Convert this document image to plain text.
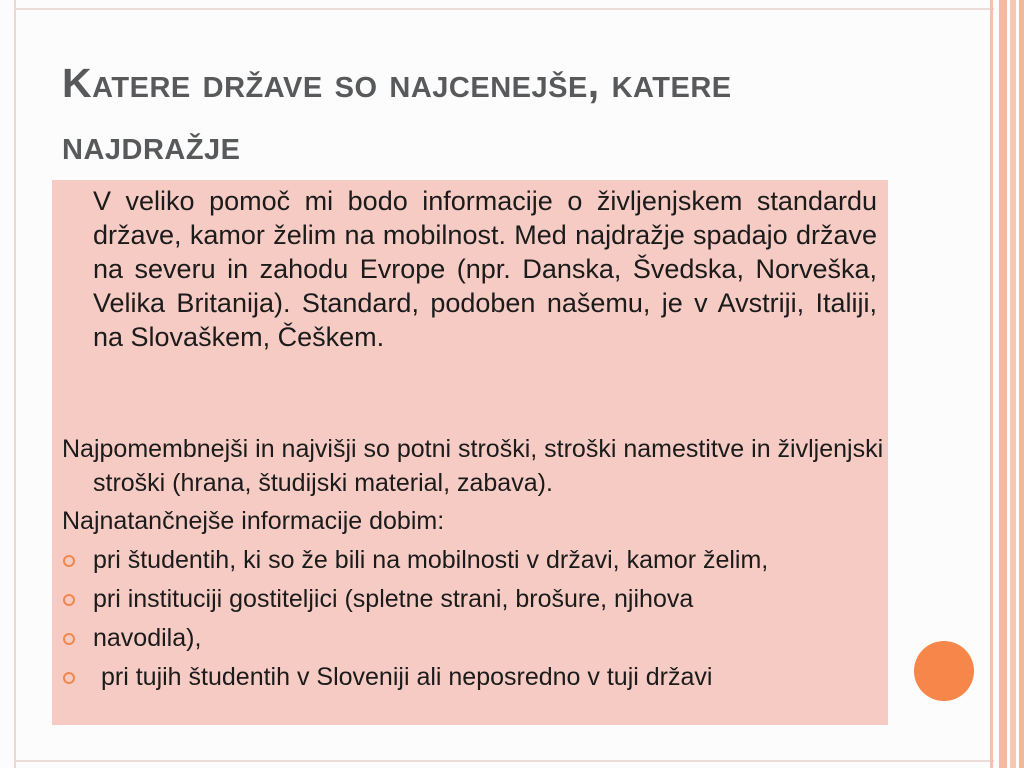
Katere države so najcenejše, katere najdražje

V veliko pomoč mi bodo informacije o življenjskem standardu države, kamor želim na mobilnost. Med najdražje spadajo države na severu in zahodu Evrope (npr. Danska, Švedska, Norveška, Velika Britanija). Standard, podoben našemu, je v Avstriji, Italiji, na Slovaškem, Češkem.

Najpomembnejši in najvišji so potni stroški, stroški namestitve in življenjski stroški (hrana, študijski material, zabava).

Najnatančnejše informacije dobim:

pri študentih, ki so že bili na mobilnosti v državi, kamor želim,
pri instituciji gostiteljici (spletne strani, brošure, njihova
navodila),
pri tujih študentih v Sloveniji ali neposredno v tuji državi
